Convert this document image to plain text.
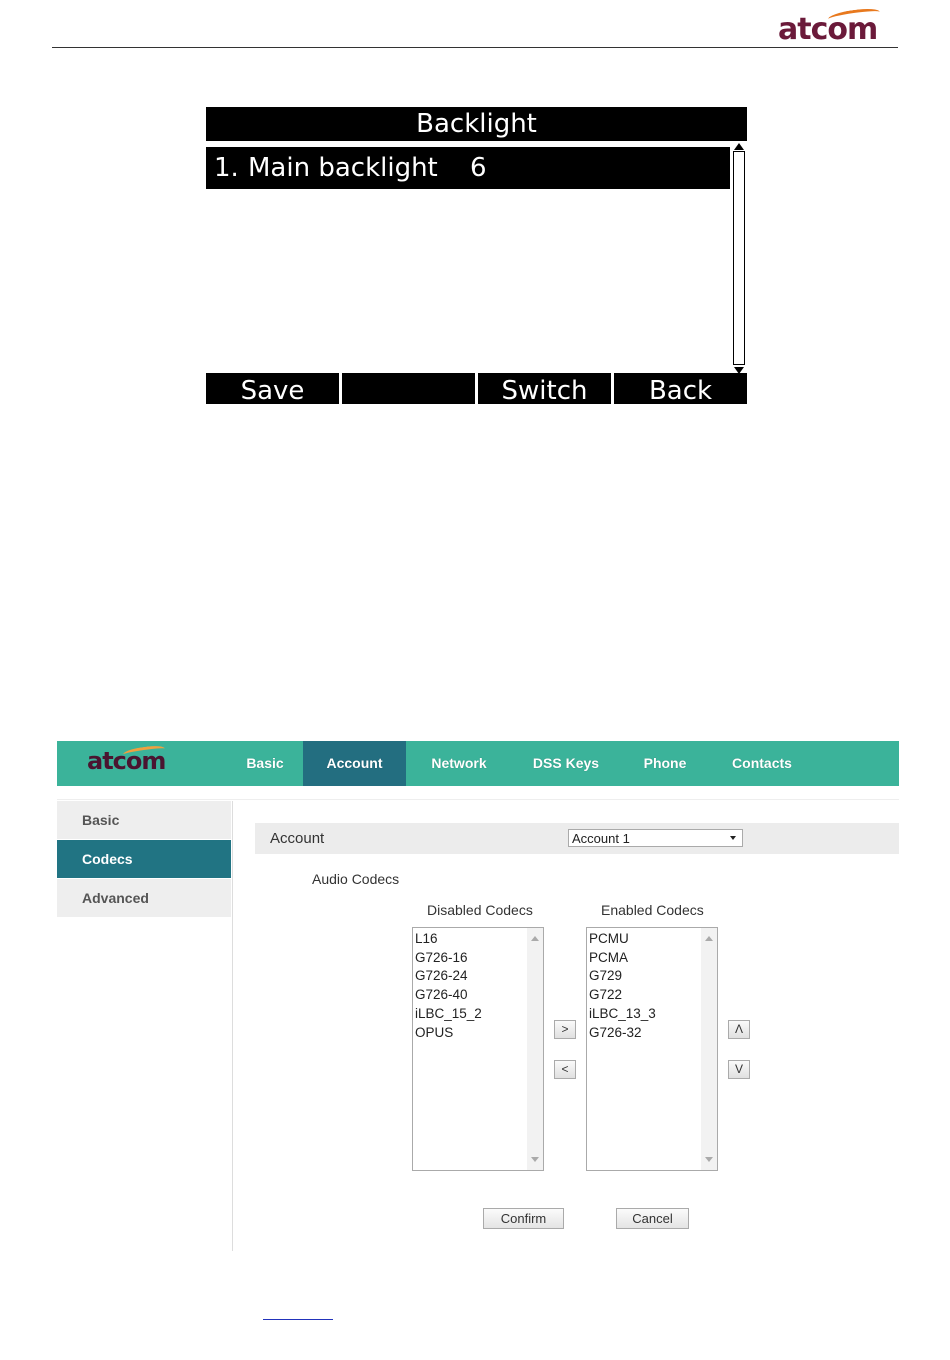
atcom
Backlight
1. Main backlight 6
Save	Switch	Back
atcom	Basic	Account	Network	DSS Keys	Phone	Contacts
Basic
Codecs
Advanced
Account	Account 1
Audio Codecs
Disabled Codecs	Enabled Codecs
L16
G726-16
G726-24
G726-40
iLBC_15_2
OPUS
PCMU
PCMA
G729
G722
iLBC_13_3
G726-32
>
<
Λ
V
Confirm	Cancel
